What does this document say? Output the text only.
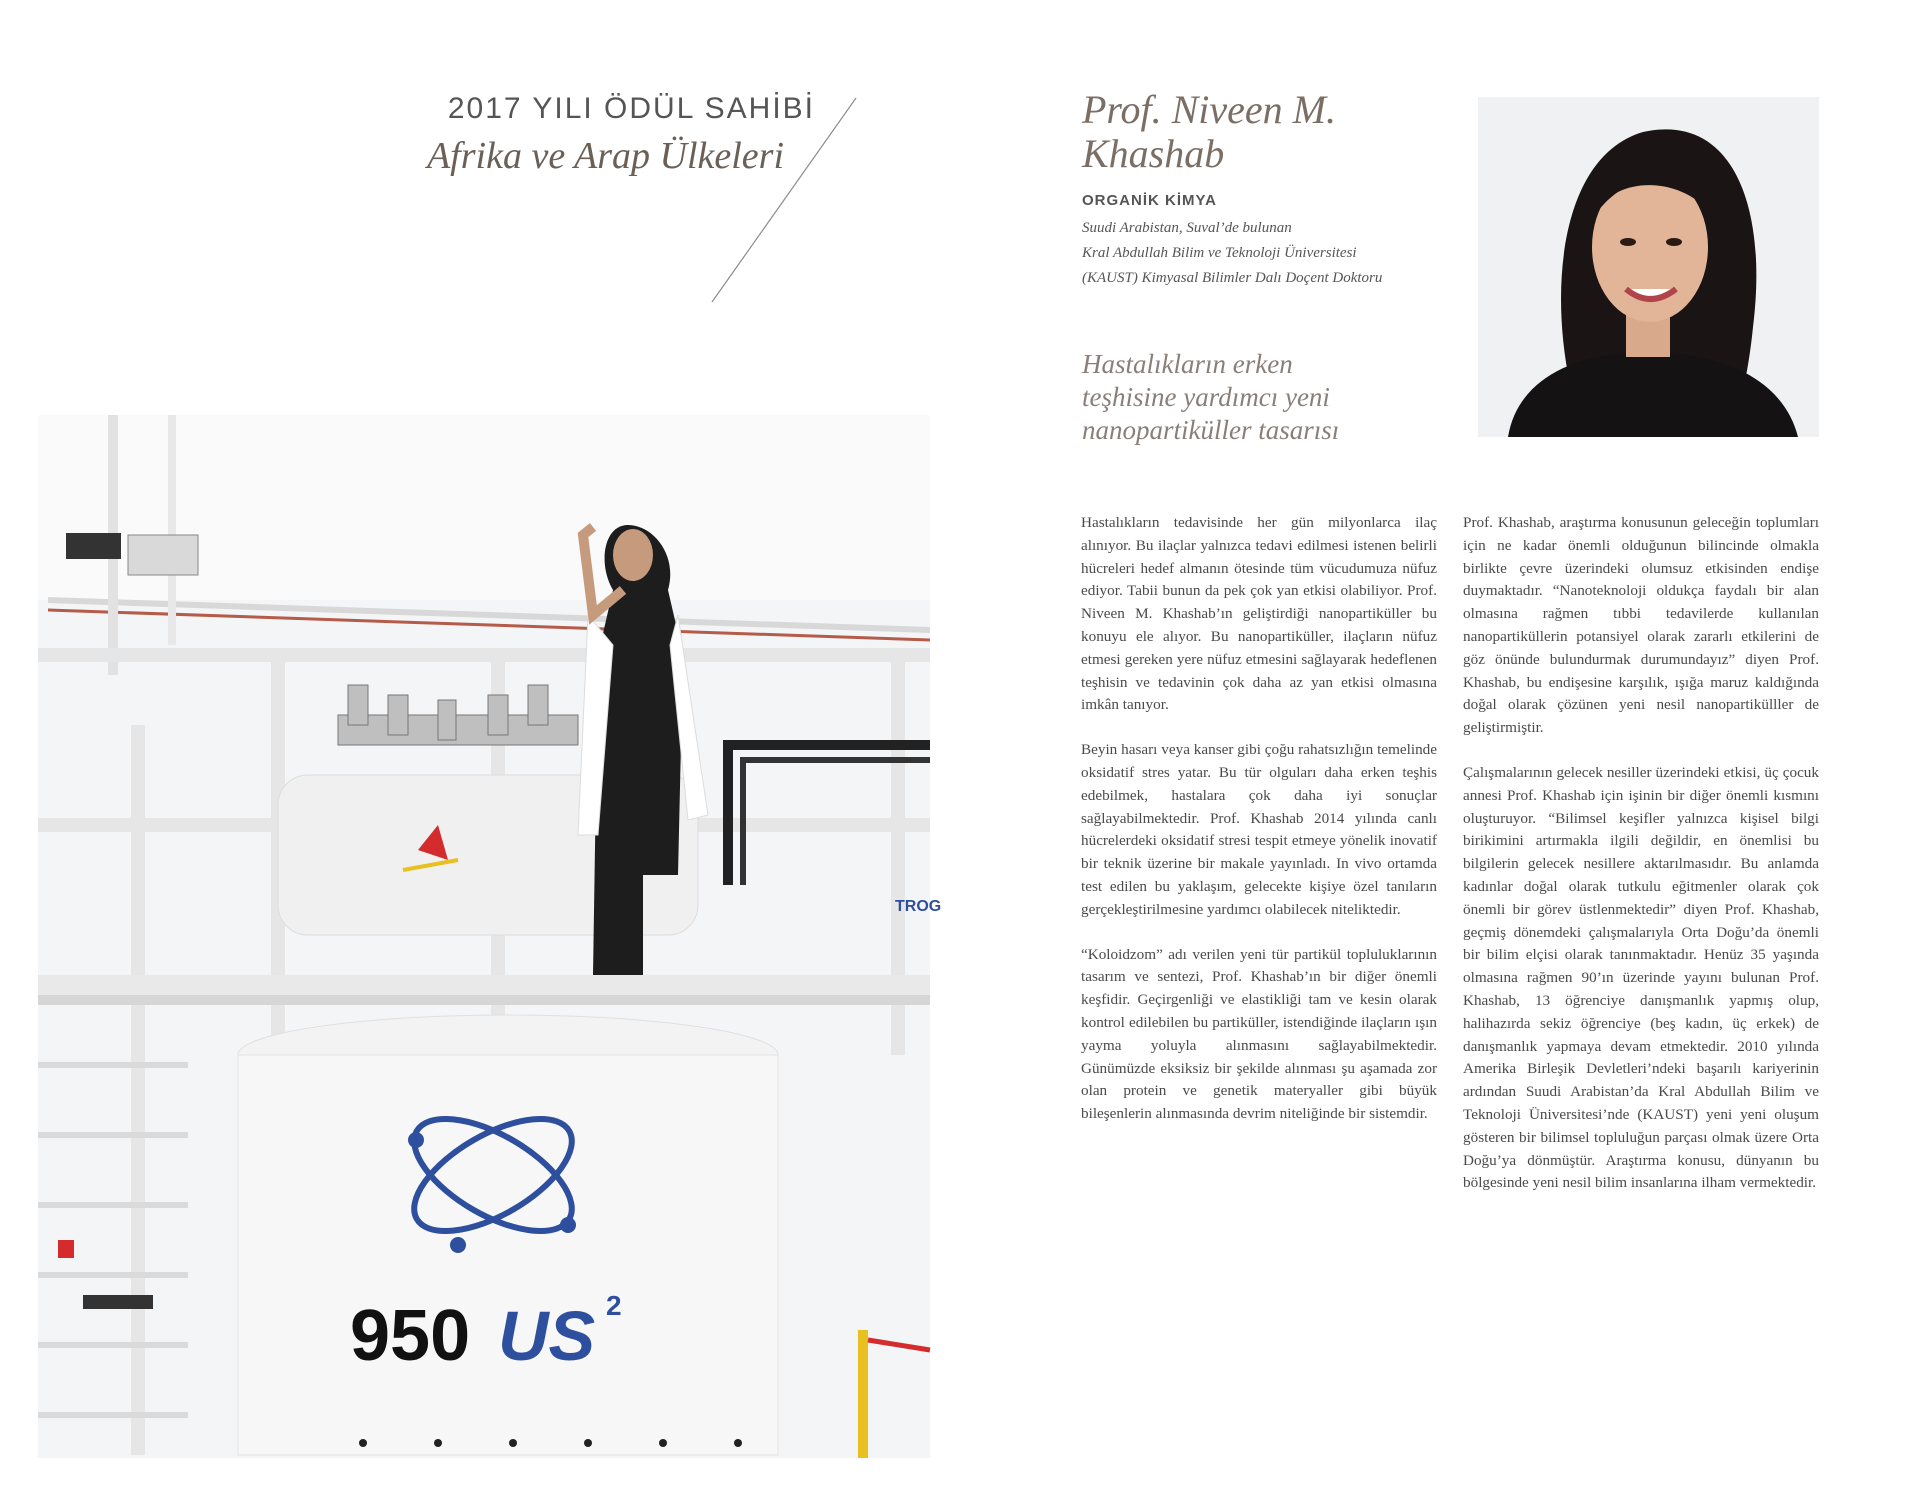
2017 YILI ÖDÜL SAHİBİ
Afrika ve Arap Ülkeleri
950 US 2
TROG
Prof. Niveen M.
Khashab
ORGANİK KİMYA
Suudi Arabistan, Suval’de bulunan
Kral Abdullah Bilim ve Teknoloji Üniversitesi
(KAUST) Kimyasal Bilimler Dalı Doçent Doktoru
Hastalıkların erken
teşhisine yardımcı yeni
nanopartiküller tasarısı

Hastalıkların tedavisinde her gün milyonlarca ilaç alınıyor. Bu ilaçlar yalnızca tedavi edilmesi istenen belirli hücreleri hedef almanın ötesinde tüm vücudumuza nüfuz ediyor. Tabii bunun da pek çok yan etkisi olabiliyor. Prof. Niveen M. Khashab’ın geliştirdiği nanopartiküller bu konuyu ele alıyor. Bu nanopartiküller, ilaçların nüfuz etmesi gereken yere nüfuz etmesini sağlayarak hedeflenen teşhisin ve tedavinin çok daha az yan etkisi olmasına imkân tanıyor.

Beyin hasarı veya kanser gibi çoğu rahatsızlığın temelinde oksidatif stres yatar. Bu tür olguları daha erken teşhis edebilmek, hastalara çok daha iyi sonuçlar sağlayabilmektedir. Prof. Khashab 2014 yılında canlı hücrelerdeki oksidatif stresi tespit etmeye yönelik inovatif bir teknik üzerine bir makale yayınladı. In vivo ortamda test edilen bu yaklaşım, gelecekte kişiye özel tanıların gerçekleştirilmesine yardımcı olabilecek niteliktedir.

“Koloidzom” adı verilen yeni tür partikül topluluklarının tasarım ve sentezi, Prof. Khashab’ın bir diğer önemli keşfidir. Geçirgenliği ve elastikliği tam ve kesin olarak kontrol edilebilen bu partiküller, istendiğinde ilaçların ışın yayma yoluyla alınmasını sağlayabilmektedir. Günümüzde eksiksiz bir şekilde alınması şu aşamada zor olan protein ve genetik materyaller gibi büyük bileşenlerin alınmasında devrim niteliğinde bir sistemdir.

Prof. Khashab, araştırma konusunun geleceğin toplumları için ne kadar önemli olduğunun bilincinde olmakla birlikte çevre üzerindeki olumsuz etkisinden endişe duymaktadır. “Nanoteknoloji oldukça faydalı bir alan olmasına rağmen tıbbi tedavilerde kullanılan nanopartiküllerin potansiyel olarak zararlı etkilerini de göz önünde bulundurmak durumundayız” diyen Prof. Khashab, bu endişesine karşılık, ışığa maruz kaldığında doğal olarak çözünen yeni nesil nanopartikülller de geliştirmiştir.

Çalışmalarının gelecek nesiller üzerindeki etkisi, üç çocuk annesi Prof. Khashab için işinin bir diğer önemli kısmını oluşturuyor. “Bilimsel keşifler yalnızca kişisel bilgi birikimini artırmakla ilgili değildir, en önemlisi bu bilgilerin gelecek nesillere aktarılmasıdır. Bu anlamda kadınlar doğal olarak tutkulu eğitmenler olarak çok önemli bir görev üstlenmektedir” diyen Prof. Khashab, geçmiş dönemdeki çalışmalarıyla Orta Doğu’da önemli bir bilim elçisi olarak tanınmaktadır. Henüz 35 yaşında olmasına rağmen 90’ın üzerinde yayını bulunan Prof. Khashab, 13 öğrenciye danışmanlık yapmış olup, halihazırda sekiz öğrenciye (beş kadın, üç erkek) de danışmanlık yapmaya devam etmektedir. 2010 yılında Amerika Birleşik Devletleri’ndeki başarılı kariyerinin ardından Suudi Arabistan’da Kral Abdullah Bilim ve Teknoloji Üniversitesi’nde (KAUST) yeni yeni oluşum gösteren bir bilimsel topluluğun parçası olmak üzere Orta Doğu’ya dönmüştür. Araştırma konusu, dünyanın bu bölgesinde yeni nesil bilim insanlarına ilham vermektedir.
